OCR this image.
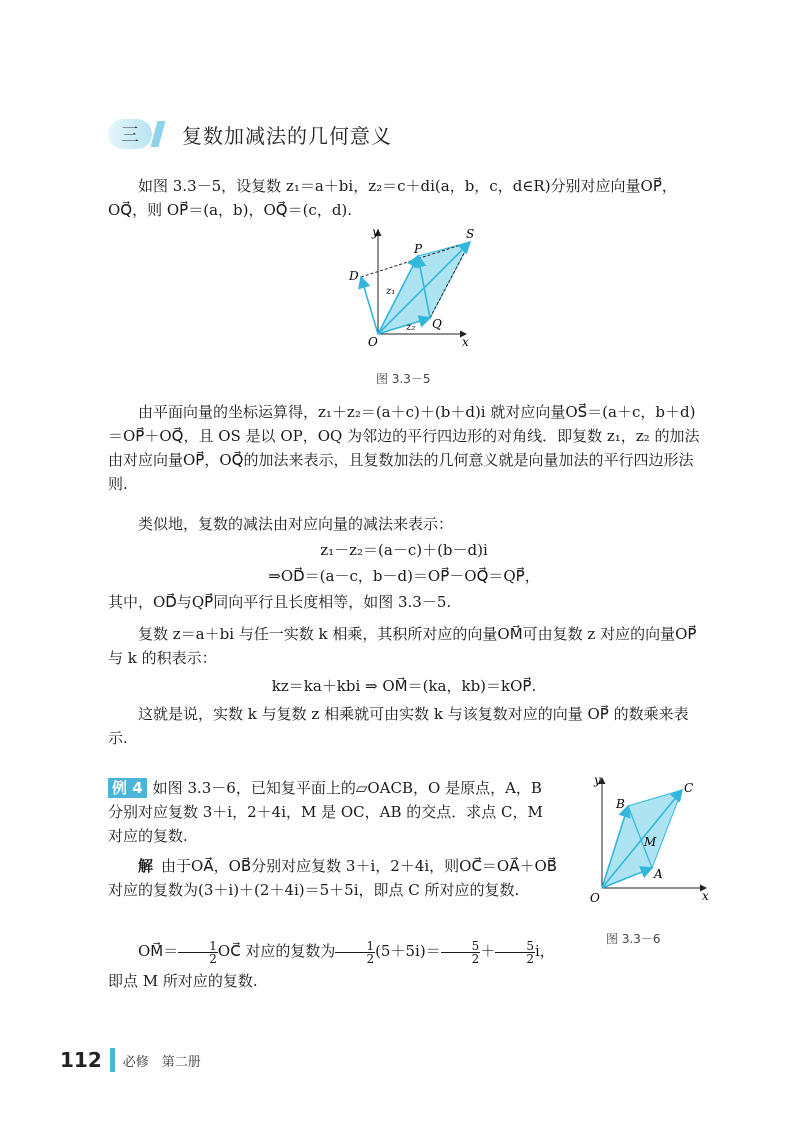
三	复数加减法的几何意义
如图 3.3－5，设复数 z₁＝a＋bi，z₂＝c＋di(a，b，c，d∈R)分别对应向量OP⃗，OQ⃗，则 OP⃗＝(a，b)，OQ⃗＝(c，d).
y
x
O
P
S
D
Q
z₁
z₂
图 3.3－5
由平面向量的坐标运算得，z₁＋z₂＝(a＋c)＋(b＋d)i 就对应向量OS⃗＝(a＋c，b＋d)＝OP⃗＋OQ⃗，且 OS 是以 OP，OQ 为邻边的平行四边形的对角线．即复数 z₁，z₂ 的加法由对应向量OP⃗，OQ⃗的加法来表示，且复数加法的几何意义就是向量加法的平行四边形法则.
类似地，复数的减法由对应向量的减法来表示：
z₁－z₂＝(a－c)＋(b－d)i
⇒OD⃗＝(a－c，b－d)＝OP⃗－OQ⃗＝QP⃗，
其中，OD⃗与QP⃗同向平行且长度相等，如图 3.3－5.
复数 z＝a＋bi 与任一实数 k 相乘，其积所对应的向量OM⃗可由复数 z 对应的向量OP⃗与 k 的积表示：
kz＝ka＋kbi ⇒ OM⃗＝(ka，kb)＝kOP⃗.
这就是说，实数 k 与复数 z 相乘就可由实数 k 与该复数对应的向量 OP⃗ 的数乘来表示.
例 4 如图 3.3－6，已知复平面上的▱OACB，O 是原点，A，B 分别对应复数 3＋i，2＋4i，M 是 OC，AB 的交点．求点 C，M 对应的复数.
解 由于OA⃗，OB⃗分别对应复数 3＋i，2＋4i，则OC⃗＝OA⃗＋OB⃗ 对应的复数为(3＋i)＋(2＋4i)＝5＋5i，即点 C 所对应的复数.
OM⃗＝ $\frac{1}{2}$ OC⃗ 对应的复数为 $\frac{1}{2} (5+5i)= \frac{5}{2} + \frac{5}{2}$ i，即点 M 所对应的复数.
y
x
O
A
B
C
M
图 3.3－6
112 必修　第二册
